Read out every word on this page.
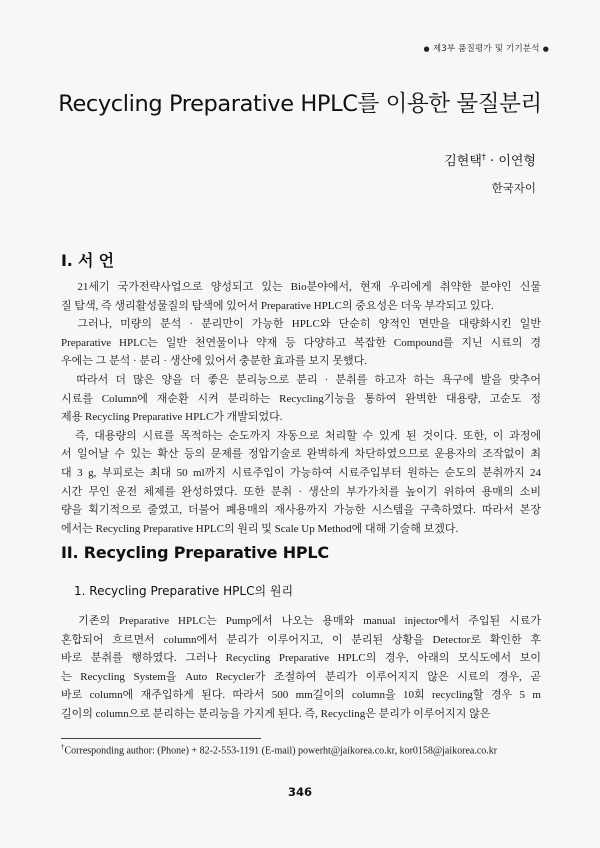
● 제3부 품질평가 및 기기분석 ●
Recycling Preparative HPLC를 이용한 물질분리
김현택† · 이연형
한국자이
I. 서 언
　21세기 국가전략사업으로 양성되고 있는 Bio분야에서, 현재 우리에게 취약한 분야인 신물
질 탐색, 즉 생리활성물질의 탐색에 있어서 Preparative HPLC의 중요성은 더욱 부각되고 있다.
　그러나, 미량의 분석 · 분리만이 가능한 HPLC와 단순히 양적인 면만을 대량화시킨 일반
Preparative HPLC는 일반 천연물이나 약재 등 다양하고 복잡한 Compound를 지닌 시료의 경
우에는 그 분석 · 분리 · 생산에 있어서 충분한 효과를 보지 못했다.
　따라서 더 많은 양을 더 좋은 분리능으로 분리 · 분취를 하고자 하는 욕구에 발을 맞추어
시료를 Column에 재순환 시켜 분리하는 Recycling기능을 통하여 완벽한 대용량, 고순도 정
제용 Recycling Preparative HPLC가 개발되었다.
　즉, 대용량의 시료를 목적하는 순도까지 자동으로 처리할 수 있게 된 것이다. 또한, 이 과정에
서 일어날 수 있는 확산 등의 문제를 정압기술로 완벽하게 차단하였으므로 운용자의 조작없이 최
대 3 g, 부피로는 최대 50 ml까지 시료주입이 가능하여 시료주입부터 원하는 순도의 분취까지 24
시간 무인 운전 체제를 완성하였다. 또한 분취 · 생산의 부가가치를 높이기 위하여 용매의 소비
량을 획기적으로 줄였고, 더불어 폐용매의 재사용까지 가능한 시스템을 구축하였다. 따라서 본장
에서는 Recycling Preparative HPLC의 원리 및 Scale Up Method에 대해 기술해 보겠다.
II. Recycling Preparative HPLC
1. Recycling Preparative HPLC의 원리
　기존의 Preparative HPLC는 Pump에서 나오는 용매와 manual injector에서 주입된 시료가
혼합되어 흐르면서 column에서 분리가 이루어지고, 이 분리된 상황을 Detector로 확인한 후
바로 분취를 행하였다. 그러나 Recycling Preparative HPLC의 경우, 아래의 모식도에서 보이
는 Recycling System을 Auto Recycler가 조절하여 분리가 이루어지지 않은 시료의 경우, 곧
바로 column에 재주입하게 된다. 따라서 500 mm길이의 column을 10회 recycling할 경우 5 m
길이의 column으로 분리하는 분리능을 가지게 된다. 즉, Recycling은 분리가 이루어지지 않은
†Corresponding author: (Phone) + 82-2-553-1191 (E-mail) powerht@jaikorea.co.kr, kor0158@jaikorea.co.kr
346
